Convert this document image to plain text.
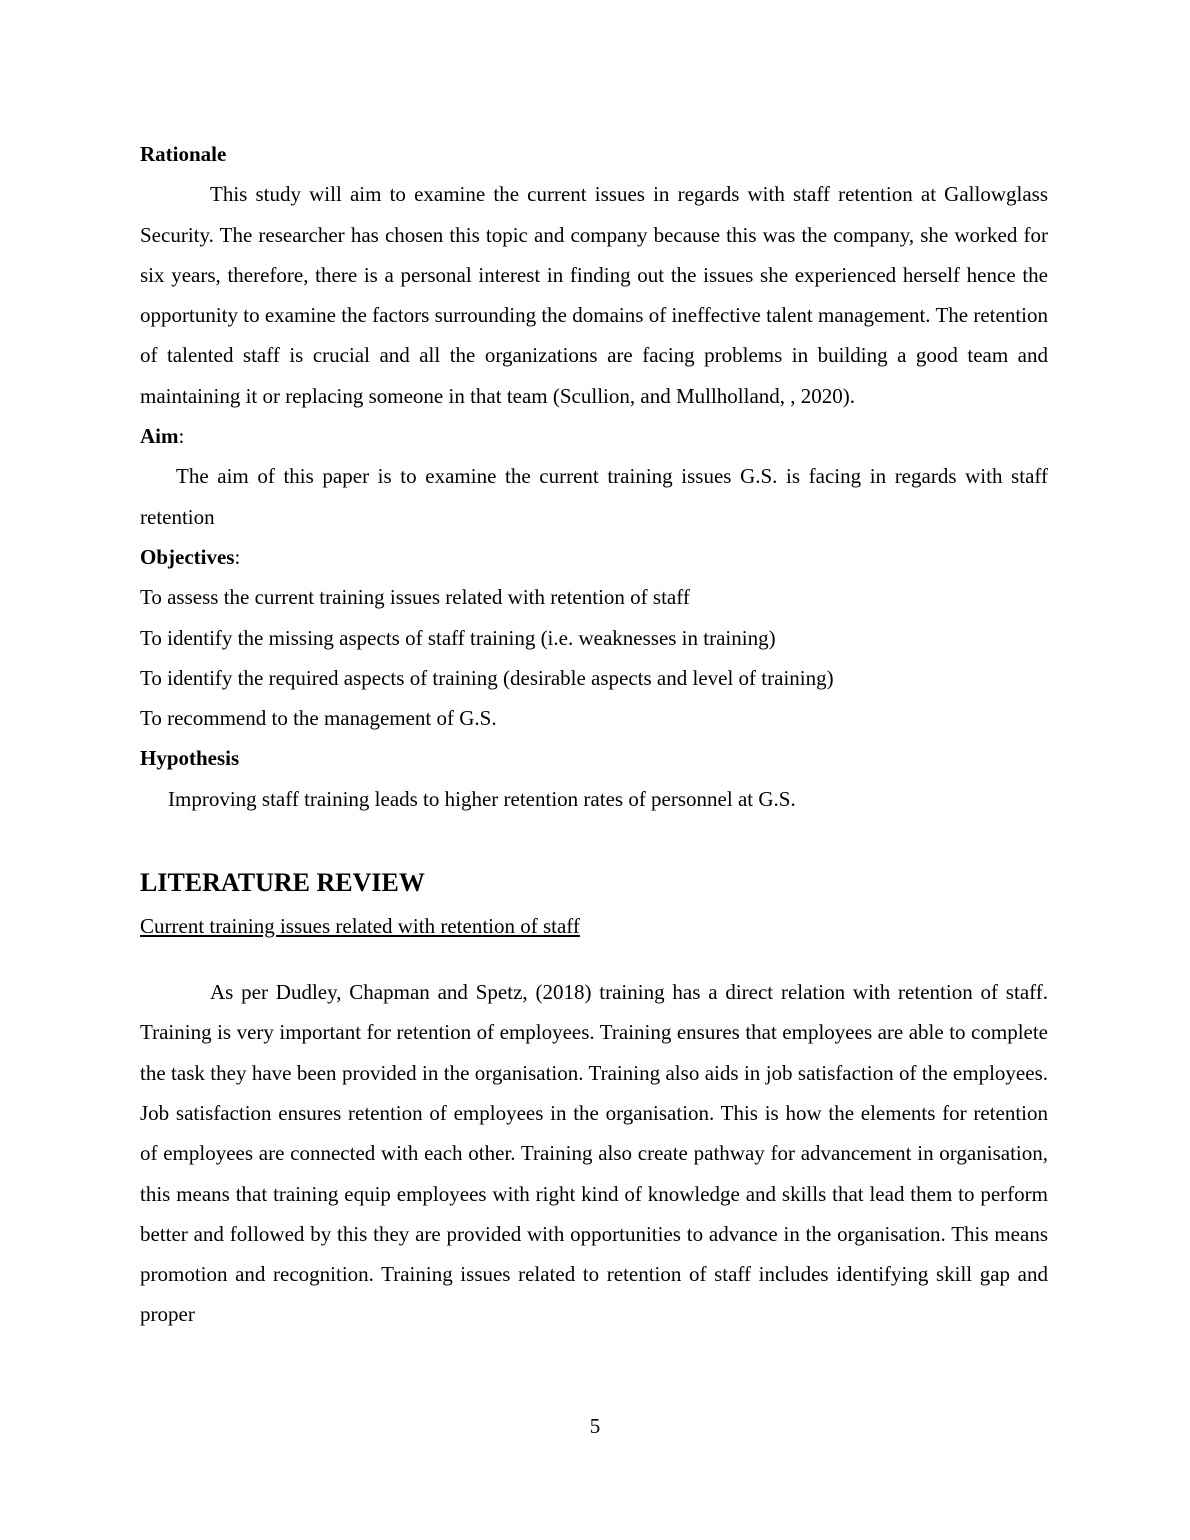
Rationale

This study will aim to examine the current issues in regards with staff retention at Gallowglass Security. The researcher has chosen this topic and company because this was the company, she worked for six years, therefore, there is a personal interest in finding out the issues she experienced herself hence the opportunity to examine the factors surrounding the domains of ineffective talent management. The retention of talented staff is crucial and all the organizations are facing problems in building a good team and maintaining it or replacing someone in that team (Scullion, and Mullholland, , 2020).

Aim:

The aim of this paper is to examine the current training issues G.S. is facing in regards with staff retention

Objectives:

To assess the current training issues related with retention of staff

To identify the missing aspects of staff training (i.e. weaknesses in training)

To identify the required aspects of training (desirable aspects and level of training)

To recommend to the management of G.S.

Hypothesis

Improving staff training leads to higher retention rates of personnel at G.S.

LITERATURE REVIEW

Current training issues related with retention of staff

As per Dudley, Chapman and Spetz, (2018) training has a direct relation with retention of staff. Training is very important for retention of employees. Training ensures that employees are able to complete the task they have been provided in the organisation. Training also aids in job satisfaction of the employees. Job satisfaction ensures retention of employees in the organisation. This is how the elements for retention of employees are connected with each other. Training also create pathway for advancement in organisation, this means that training equip employees with right kind of knowledge and skills that lead them to perform better and followed by this they are provided with opportunities to advance in the organisation. This means promotion and recognition. Training issues related to retention of staff includes identifying skill gap and proper

5
